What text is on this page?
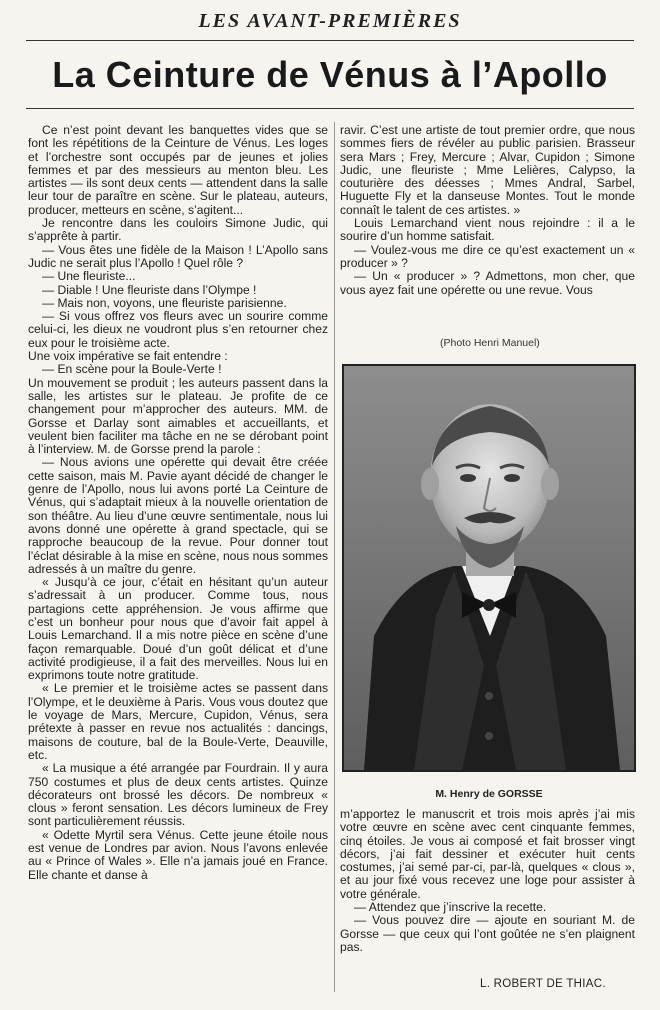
LES AVANT-PREMIÈRES
La Ceinture de Vénus à l’Apollo

Ce n’est point devant les banquettes vides que se font les répétitions de la Ceinture de Vénus. Les loges et l’orchestre sont occupés par de jeunes et jolies femmes et par des messieurs au menton bleu. Les artistes — ils sont deux cents — attendent dans la salle leur tour de paraître en scène. Sur le plateau, auteurs, producer, metteurs en scène, s’agitent...

Je rencontre dans les couloirs Simone Judic, qui s’apprête à partir.

— Vous êtes une fidèle de la Maison ! L’Apollo sans Judic ne serait plus l’Apollo ! Quel rôle ?

— Une fleuriste...

— Diable ! Une fleuriste dans l’Olympe !

— Mais non, voyons, une fleuriste parisienne.

— Si vous offrez vos fleurs avec un sourire comme celui-ci, les dieux ne voudront plus s’en retourner chez eux pour le troisième acte.

Une voix impérative se fait entendre :

— En scène pour la Boule-Verte !

Un mouvement se produit ; les auteurs passent dans la salle, les artistes sur le plateau. Je profite de ce changement pour m’approcher des auteurs. MM. de Gorsse et Darlay sont aimables et accueillants, et veulent bien faciliter ma tâche en ne se dérobant point à l’interview. M. de Gorsse prend la parole :

— Nous avions une opérette qui devait être créée cette saison, mais M. Pavie ayant décidé de changer le genre de l’Apollo, nous lui avons porté La Ceinture de Vénus, qui s’adaptait mieux à la nouvelle orientation de son théâtre. Au lieu d’une œuvre sentimentale, nous lui avons donné une opérette à grand spectacle, qui se rapproche beaucoup de la revue. Pour donner tout l’éclat désirable à la mise en scène, nous nous sommes adressés à un maître du genre.

« Jusqu’à ce jour, c’était en hésitant qu’un auteur s’adressait à un producer. Comme tous, nous partagions cette appréhension. Je vous affirme que c’est un bonheur pour nous que d’avoir fait appel à Louis Lemarchand. Il a mis notre pièce en scène d’une façon remarquable. Doué d’un goût délicat et d’une activité prodigieuse, il a fait des merveilles. Nous lui en exprimons toute notre gratitude.

« Le premier et le troisième actes se passent dans l’Olympe, et le deuxième à Paris. Vous vous doutez que le voyage de Mars, Mercure, Cupidon, Vénus, sera prétexte à passer en revue nos actualités : dancings, maisons de couture, bal de la Boule-Verte, Deauville, etc.

« La musique a été arrangée par Fourdrain. Il y aura 750 costumes et plus de deux cents artistes. Quinze décorateurs ont brossé les décors. De nombreux « clous » feront sensation. Les décors lumineux de Frey sont particulièrement réussis.

« Odette Myrtil sera Vénus. Cette jeune étoile nous est venue de Londres par avion. Nous l’avons enlevée au « Prince of Wales ». Elle n’a jamais joué en France. Elle chante et danse à

ravir. C’est une artiste de tout premier ordre, que nous sommes fiers de révéler au public parisien. Brasseur sera Mars ; Frey, Mercure ; Alvar, Cupidon ; Simone Judic, une fleuriste ; Mme Lelières, Calypso, la couturière des déesses ; Mmes Andral, Sarbel, Huguette Fly et la danseuse Montes. Tout le monde connaît le talent de ces artistes. »

Louis Lemarchand vient nous rejoindre : il a le sourire d’un homme satisfait.

— Voulez-vous me dire ce qu’est exactement un « producer » ?

— Un « producer » ? Admettons, mon cher, que vous ayez fait une opérette ou une revue. Vous

(Photo Henri Manuel)
M. Henry de GORSSE

m’apportez le manuscrit et trois mois après j’ai mis votre œuvre en scène avec cent cinquante femmes, cinq étoiles. Je vous ai composé et fait brosser vingt décors, j’ai fait dessiner et exécuter huit cents costumes, j’ai semé par-ci, par-là, quelques « clous », et au jour fixé vous recevez une loge pour assister à votre générale.

— Attendez que j’inscrive la recette.

— Vous pouvez dire — ajoute en souriant M. de Gorsse — que ceux qui l’ont goûtée ne s’en plaignent pas.

L. ROBERT DE THIAC.
